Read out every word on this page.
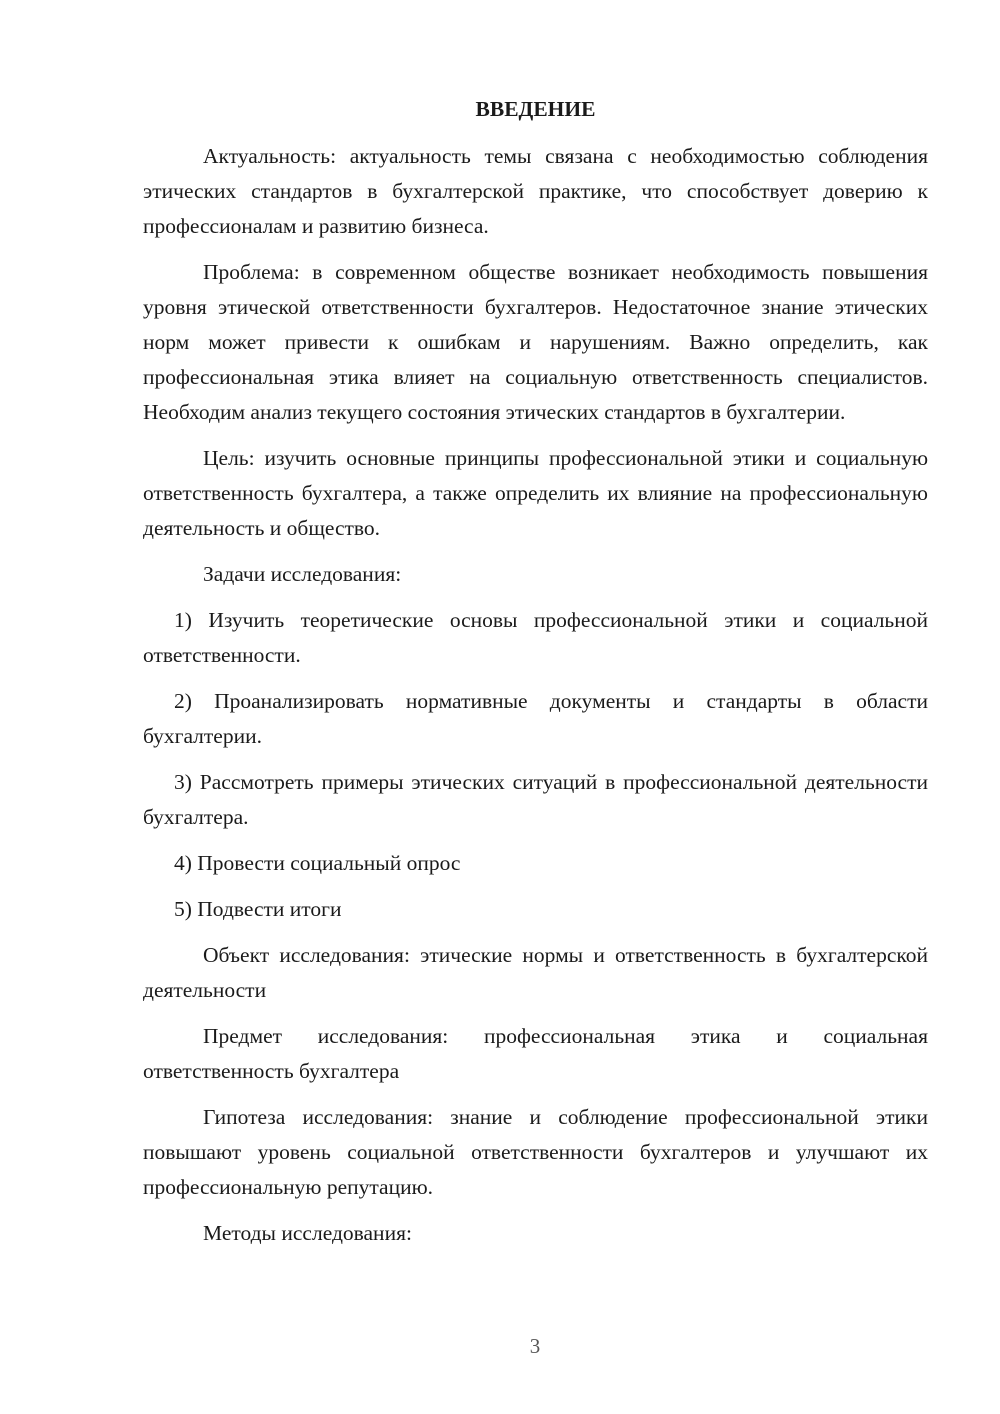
ВВЕДЕНИЕ

Актуальность: актуальность темы связана с необходимостью соблюдения этических стандартов в бухгалтерской практике, что способствует доверию к профессионалам и развитию бизнеса.

Проблема: в современном обществе возникает необходимость повышения уровня этической ответственности бухгалтеров. Недостаточное знание этических норм может привести к ошибкам и нарушениям. Важно определить, как профессиональная этика влияет на социальную ответственность специалистов. Необходим анализ текущего состояния этических стандартов в бухгалтерии.

Цель: изучить основные принципы профессиональной этики и социальную ответственность бухгалтера, а также определить их влияние на профессиональную деятельность и общество.

Задачи исследования:

1) Изучить теоретические основы профессиональной этики и социальной ответственности.

2) Проанализировать нормативные документы и стандарты в области бухгалтерии.

3) Рассмотреть примеры этических ситуаций в профессиональной деятельности бухгалтера.

4) Провести социальный опрос

5) Подвести итоги

Объект исследования: этические нормы и ответственность в бухгалтерской деятельности

Предмет исследования: профессиональная этика и социальная ответственность бухгалтера

Гипотеза исследования: знание и соблюдение профессиональной этики повышают уровень социальной ответственности бухгалтеров и улучшают их профессиональную репутацию.

Методы исследования:

3
